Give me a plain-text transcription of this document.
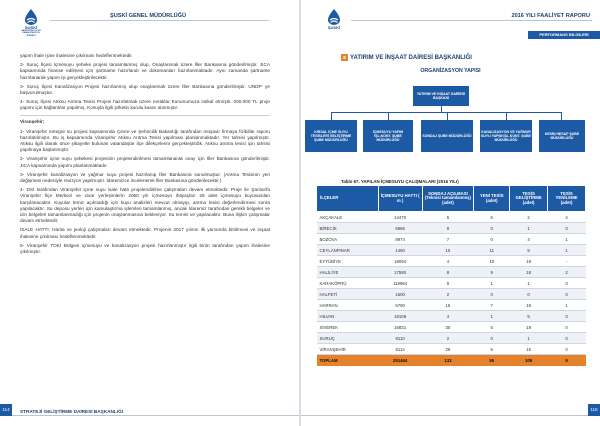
ŞUSKİ
ŞANLIURFA SU VE KANALİZASYON
İDARESİ
ŞUSKİ GENEL MÜDÜRLÜĞÜ

yapım ihale işine ihalesine çıkılması hedeflenmektedir.

2- Suruç İlçesi İçmesuyu şebeke projesi tamamlanmış olup, Onaylanmak üzere İller Bankasına gönderilmiştir. JICA kapsamında finanse edilmesi için şartname hazırlandı ve dokümanları hazırlanmaktadır. Aynı zamanda şartname hazırlanarak yapım işi gerçekleştirilecektir.

3- Suruç İlçesi Kanalizasyon Projesi hazırlanmış olup onaylanmak üzere İller Bankasına gönderilmiştir. UNDP' ye başvurulmuştur.

4- Suruç İlçesi Atıksu Arıtma Tesisi Projesi hazırlatmak üzere evraklar Kurumumuza intikal etmiştir. 200.000 TL proje yapımı için bağlantılar yapılmış, Konuyla ilgili şirketin kurulu kararı alınmıştır.

Viranşehir;

1- Viranşehir entegre su projesi kapsamında Çevre ve Şehircilik Bakanlığı tarafından müşavir firmaya fizibilite raporu hazırlatılmıştır. Bu iş kapsamında Viranşehir Atıksu Arıtma Tesisi yapılması planlanmaktadır. Yer tahsisi yapılmıştır. Atıksu ilgili olarak önce şikayetle bulunan vatandaşlar ilçe dilekçelerini gerçekleştirdik. Atıksu arıtma tesisi için tahsisi yapılmaya başlanmıştır.

2- Viranşehir içme suyu şebekesi projesinin projelendirilmesi tamamlanarak onay için İller Bankasına gönderilmiştir. JICA kapsamında yapımı planlanmaktadır.

3- Viranşehir kanalizasyon ve yağmur suyu projesi hazırlanıp İller Bankasına sunulmuştur. (Arıtma Tesisinin yeri değişmesi nedeniyle revizyon yapılmıştır. İdaremizce incelenerek İller Bankasına gönderilecektir.)

4- DSİ tarafından Viranşehir içme suyu isale hattı projelendirilme çalışmaları devam etmektedir. Proje ile Şanlıurfa Viranşehir İlçe Merkezi ve civar yerleşimlerin 2060 yılı içmesuyu ihtiyaçları 28 adet içmesuyu kuyusundan karşılanacaktır. Kuyular temiz açılmadığı için kuyu analizleri mevcut olmayıp, arıtma tesisi değerlendirmesi sonra yapılacaktır. Su deposu yerleri için kamulaştırma işlemleri tamamlanmış, ancak İdaremiz tarafından gerekli belgeler ve izin belgeleri tamamlanmadığı için projenin onaylanmasına bekleniyor. Su temini ve yapılacaktır. Buna ilişkin çalışmalar devam etmektedir.

İSALE HATTI: Harita ve jeoloji çalışmaları devam etmektedir. Projenin 2017 yılının ilk yarısında bitirilmesi ve inşaat ihalesine çıkılması hedeflenmektedir.

5- Viranşehir TOKİ Bölgesi içmesuyu ve kanalizasyon projesi hazırlanmıştır ilgili birim tarafından yapım ihalesine çıkılmıştır.

114	STRATEJİ GELİŞTİRME DAİRESİ BAŞKANLIĞI
ŞUSKİ
2016 YILI FAALİYET RAPORU
PERFORMANS BİLGİLERİ
8 YATIRIM VE İNŞAAT DAİRESİ BAŞKANLIĞI
ORGANİZASYON YAPISI
YATIRIM VE İNŞAAT DAİRESİ BAŞKANI
KIRSAL İÇME SUYU TESİSLERİ GELİŞTİRME ŞUBE MÜDÜRLÜĞÜ
İÇMESUYU YAPIM İŞL.KONT. ŞUBE MÜDÜRLÜĞÜ
SONDAJ ŞUBE MÜDÜRLÜĞÜ
KANALİZASYON VE YAĞMUR SUYU YAPIM İŞL.KONT. ŞUBE MÜDÜRLÜĞÜ
KESİN HESAP ŞUBE MÜDÜRLÜĞÜ
Tablo 67. YAPILAN İÇMESUYU ÇALIŞMALARI (2016 YILI)
İLÇELER	İÇMESUYU HATTI ( m )	SONDAJ AÇILMASI (Teknisi tamamlanmış) (adet)	YENİ TESİS (adet)	TESİS GELİŞTİRME (adet)	TESİS YENİLEME (adet)
AKÇAKALE	14470	5	6	2	4
BİRECİK	6666	8	0	1	0
BOZOVA	8974	7	0	4	1
CEYLANPINAR	1450	10	11	5	1
EYYÜBİYE	18094	4	10	19	-
HALİLİYE	17590	8	9	18	2
KARAKÖPRÜ	119964	9	1	1	0
HALFETİ	1500	2	0	0	0
HARRAN	6790	15	7	19	1
HİLVAN	19109	4	1	5	0
SİVEREK	16831	30	5	19	0
SURUÇ	8110	2	0	1	0
VİRANŞEHİR	8114	29	5	15	0
TOPLAM	251464	133	55	109	9
115
